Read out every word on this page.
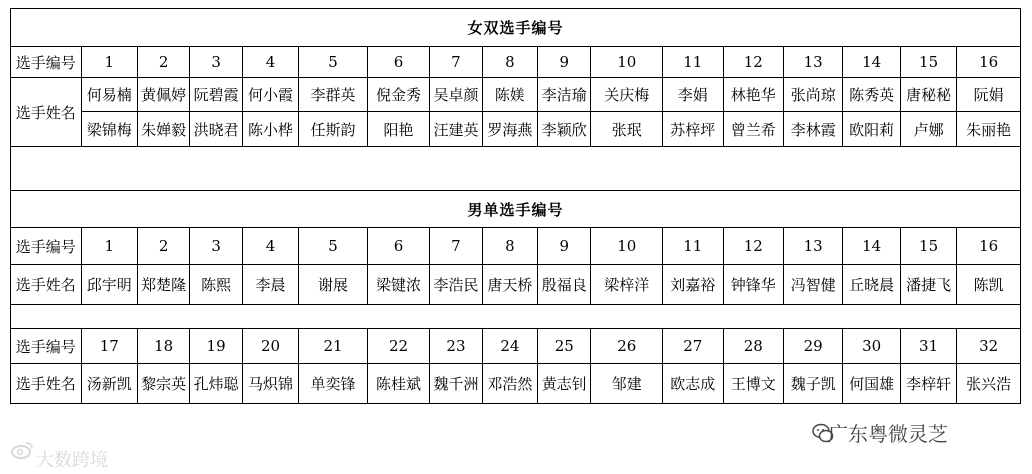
女双选手编号																
选手编号	1	2	3	4	5	6	7	8	9	10	11	12	13	14	15	16
选手姓名	何易楠	黄佩婷	阮碧霞	何小霞	李群英	倪金秀	吴卓颜	陈媄	李洁瑜	关庆梅	李娟	林艳华	张尚琼	陈秀英	唐秘秘	阮娟
	梁锦梅	朱婵毅	洪晓君	陈小桦	任斯韵	阳艳	汪建英	罗海燕	李颖欣	张珉	苏梓坪	曾兰希	李林霞	欧阳莉	卢娜	朱丽艳

男单选手编号																
选手编号	1	2	3	4	5	6	7	8	9	10	11	12	13	14	15	16
选手姓名	邱宇明	郑楚隆	陈熙	李晨	谢展	梁键浓	李浩民	唐天桥	殷福良	梁梓洋	刘嘉裕	钟锋华	冯智健	丘晓晨	潘捷飞	陈凯

选手编号	17	18	19	20	21	22	23	24	25	26	27	28	29	30	31	32
选手姓名	汤新凯	黎宗英	孔炜聪	马炽锦	单奕锋	陈桂斌	魏千洲	邓浩然	黄志钊	邹建	欧志成	王博文	魏子凯	何国雄	李梓轩	张兴浩
大数跨境
广东粤微灵芝
